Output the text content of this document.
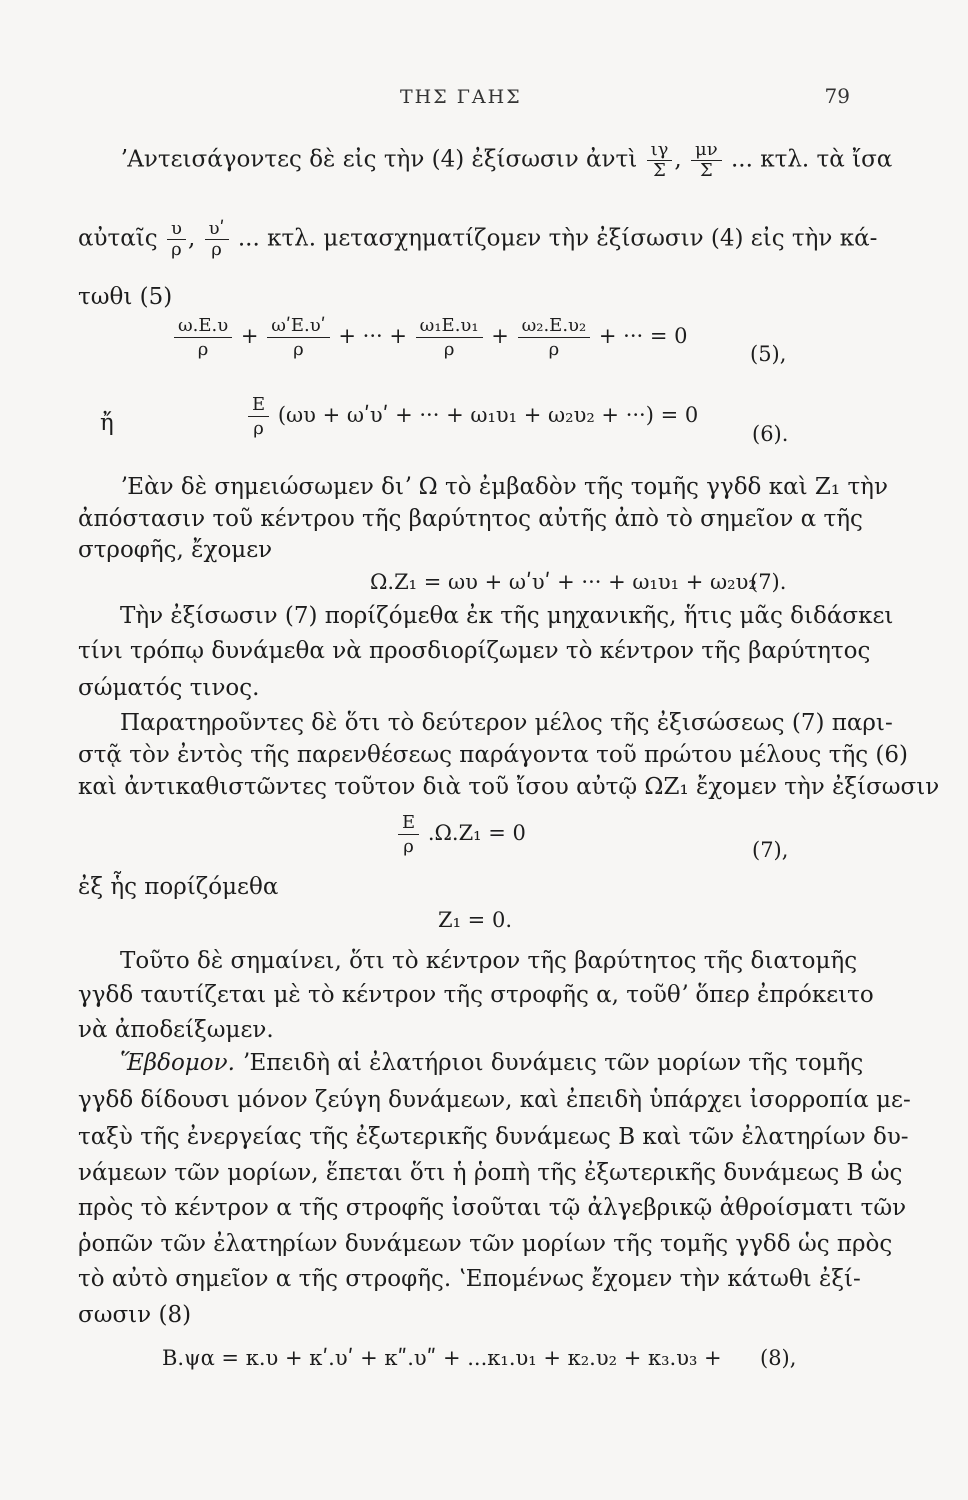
ΤΗΣ ΓΑΗΣ	79
ʼΑντεισάγοντες δὲ εἰς τὴν (4) ἐξίσωσιν ἀντὶ $\frac{\iota\gamma}{\Sigma}$ , $\frac{\mu\nu}{\Sigma}$ ... κτλ. τὰ ἴσα
αὐταῖς $\frac{\upsilon}{\rho}$ , $\frac{\text{υʹ}}{\rho}$ ... κτλ. μετασχηματίζομεν τὴν ἐξίσωσιν (4) εἰς τὴν κά-
τωθι (5)
$\frac{\omega.E.\upsilon}{\rho} + \frac{\text{ωʹΕ.υʹ}}{\rho}$ + ··· + $\frac{\text{ω₁Ε.υ₁}}{\rho} + \frac{\text{ω₂.Ε.υ₂}}{\rho}$ + ··· = 0
(5),
ἤ	$\frac{E}{\rho} (\omega\upsilon$ + ωʹυʹ + ··· + ω₁υ₁ + ω₂υ₂ + ···) = 0
(6).
ʼΕὰν δὲ σημειώσωμεν διʼ Ω τὸ ἐμβαδὸν τῆς τομῆς γγδδ καὶ Ζ₁ τὴν
ἀπόστασιν τοῦ κέντρου τῆς βαρύτητος αὐτῆς ἀπὸ τὸ σημεῖον α τῆς
στροφῆς, ἔχομεν
Ω.Ζ₁ = ωυ + ωʹυʹ + ··· + ω₁υ₁ + ω₂υ₂
(7).
Τὴν ἐξίσωσιν (7) πορίζόμεθα ἐκ τῆς μηχανικῆς, ἥτις μᾶς διδάσκει
τίνι τρόπῳ δυνάμεθα νὰ προσδιορίζωμεν τὸ κέντρον τῆς βαρύτητος
σώματός τινος.
Παρατηροῦντες δὲ ὅτι τὸ δεύτερον μέλος τῆς ἐξισώσεως (7) παρι-
στᾷ τὸν ἐντὸς τῆς παρενθέσεως παράγοντα τοῦ πρώτου μέλους τῆς (6)
καὶ ἀντικαθιστῶντες τοῦτον διὰ τοῦ ἴσου αὐτῷ ΩΖ₁ ἔχομεν τὴν ἐξίσωσιν
$\frac{E}{\rho} .\Omega.Z_1 = 0$
(7),
ἐξ ἧς πορίζόμεθα
Ζ₁ = 0.
Τοῦτο δὲ σημαίνει, ὅτι τὸ κέντρον τῆς βαρύτητος τῆς διατομῆς
γγδδ ταυτίζεται μὲ τὸ κέντρον τῆς στροφῆς α, τοῦθʼ ὅπερ ἐπρόκειτο
νὰ ἀποδείξωμεν.
Ἕβδομον. ʼΕπειδὴ αἱ ἐλατήριοι δυνάμεις τῶν μορίων τῆς τομῆς
γγδδ δίδουσι μόνον ζεύγη δυνάμεων, καὶ ἐπειδὴ ὑπάρχει ἰσορροπία με-
ταξὺ τῆς ἐνεργείας τῆς ἐξωτερικῆς δυνάμεως Β καὶ τῶν ἐλατηρίων δυ-
νάμεων τῶν μορίων, ἕπεται ὅτι ἡ ῥοπὴ τῆς ἐξωτερικῆς δυνάμεως Β ὡς
πρὸς τὸ κέντρον α τῆς στροφῆς ἰσοῦται τῷ ἀλγεβρικῷ ἀθροίσματι τῶν
ῥοπῶν τῶν ἐλατηρίων δυνάμεων τῶν μορίων τῆς τομῆς γγδδ ὡς πρὸς
τὸ αὐτὸ σημεῖον α τῆς στροφῆς. ʽΕπομένως ἔχομεν τὴν κάτωθι ἐξί-
σωσιν (8)
Β.ψα = κ.υ + κʹ.υʹ + κʺ.υʺ + ...κ₁.υ₁ + κ₂.υ₂ + κ₃.υ₃ + (8),
